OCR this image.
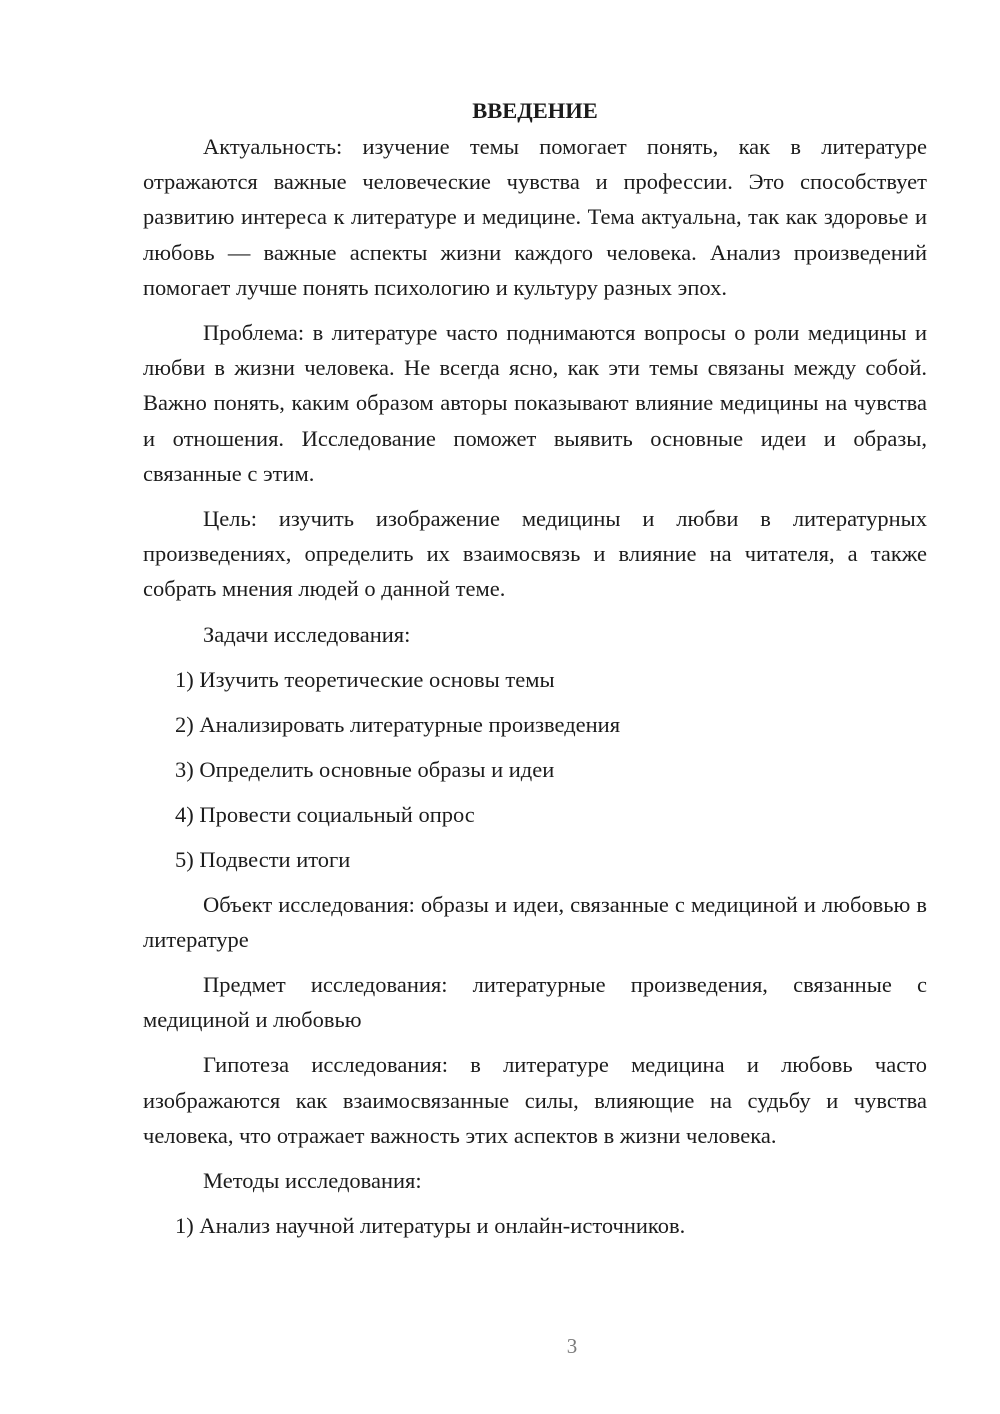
ВВЕДЕНИЕ

Актуальность: изучение темы помогает понять, как в литературе отражаются важные человеческие чувства и профессии. Это способствует развитию интереса к литературе и медицине. Тема актуальна, так как здоровье и любовь — важные аспекты жизни каждого человека. Анализ произведений помогает лучше понять психологию и культуру разных эпох.

Проблема: в литературе часто поднимаются вопросы о роли медицины и любви в жизни человека. Не всегда ясно, как эти темы связаны между собой. Важно понять, каким образом авторы показывают влияние медицины на чувства и отношения. Исследование поможет выявить основные идеи и образы, связанные с этим.

Цель: изучить изображение медицины и любви в литературных произведениях, определить их взаимосвязь и влияние на читателя, а также собрать мнения людей о данной теме.

Задачи исследования:

1) Изучить теоретические основы темы

2) Анализировать литературные произведения

3) Определить основные образы и идеи

4) Провести социальный опрос

5) Подвести итоги

Объект исследования: образы и идеи, связанные с медициной и любовью в литературе

Предмет исследования: литературные произведения, связанные с медициной и любовью

Гипотеза исследования: в литературе медицина и любовь часто изображаются как взаимосвязанные силы, влияющие на судьбу и чувства человека, что отражает важность этих аспектов в жизни человека.

Методы исследования:

1) Анализ научной литературы и онлайн-источников.

3
